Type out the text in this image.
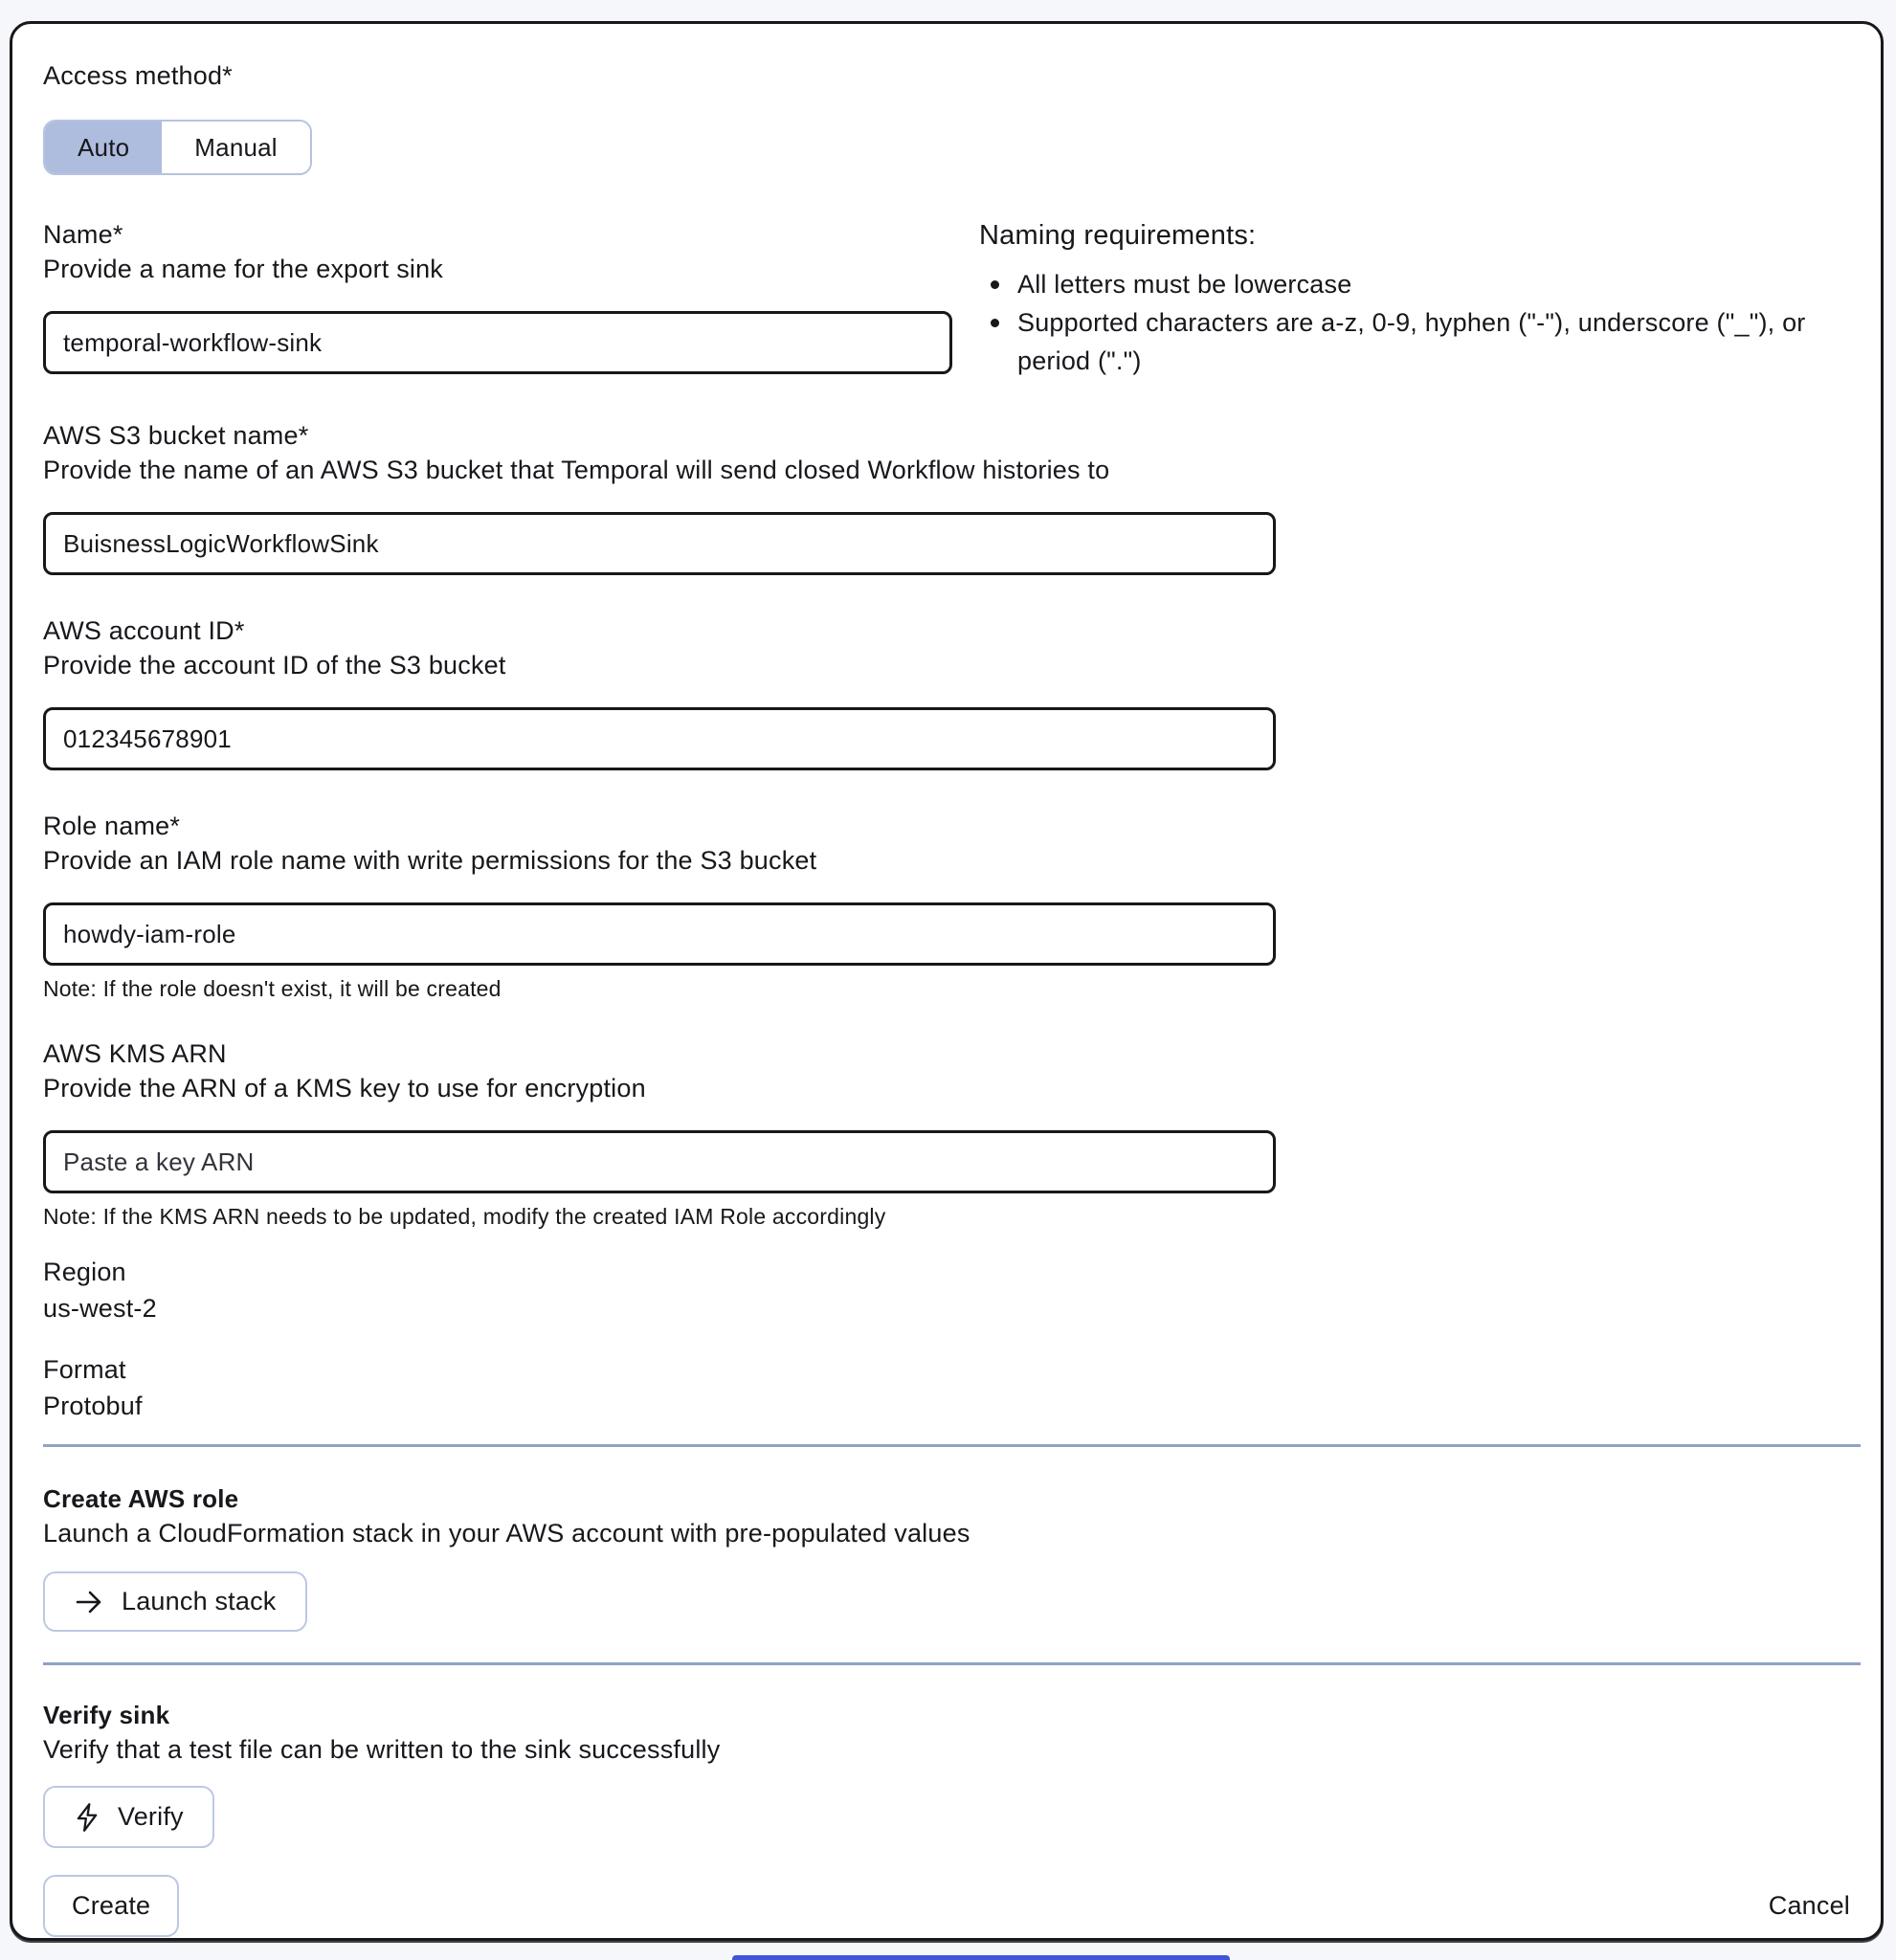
Access method*
Auto	Manual
Name*
Provide a name for the export sink
temporal-workflow-sink
Naming requirements:
All letters must be lowercase
Supported characters are a-z, 0-9, hyphen ("-"), underscore ("_"), or period (".")
AWS S3 bucket name*
Provide the name of an AWS S3 bucket that Temporal will send closed Workflow histories to
BuisnessLogicWorkflowSink
AWS account ID*
Provide the account ID of the S3 bucket
012345678901
Role name*
Provide an IAM role name with write permissions for the S3 bucket
howdy-iam-role
Note: If the role doesn't exist, it will be created
AWS KMS ARN
Provide the ARN of a KMS key to use for encryption
Paste a key ARN
Note: If the KMS ARN needs to be updated, modify the created IAM Role accordingly
Region
us-west-2
Format
Protobuf
Create AWS role
Launch a CloudFormation stack in your AWS account with pre-populated values
Launch stack
Verify sink
Verify that a test file can be written to the sink successfully
Verify
Create	Cancel
